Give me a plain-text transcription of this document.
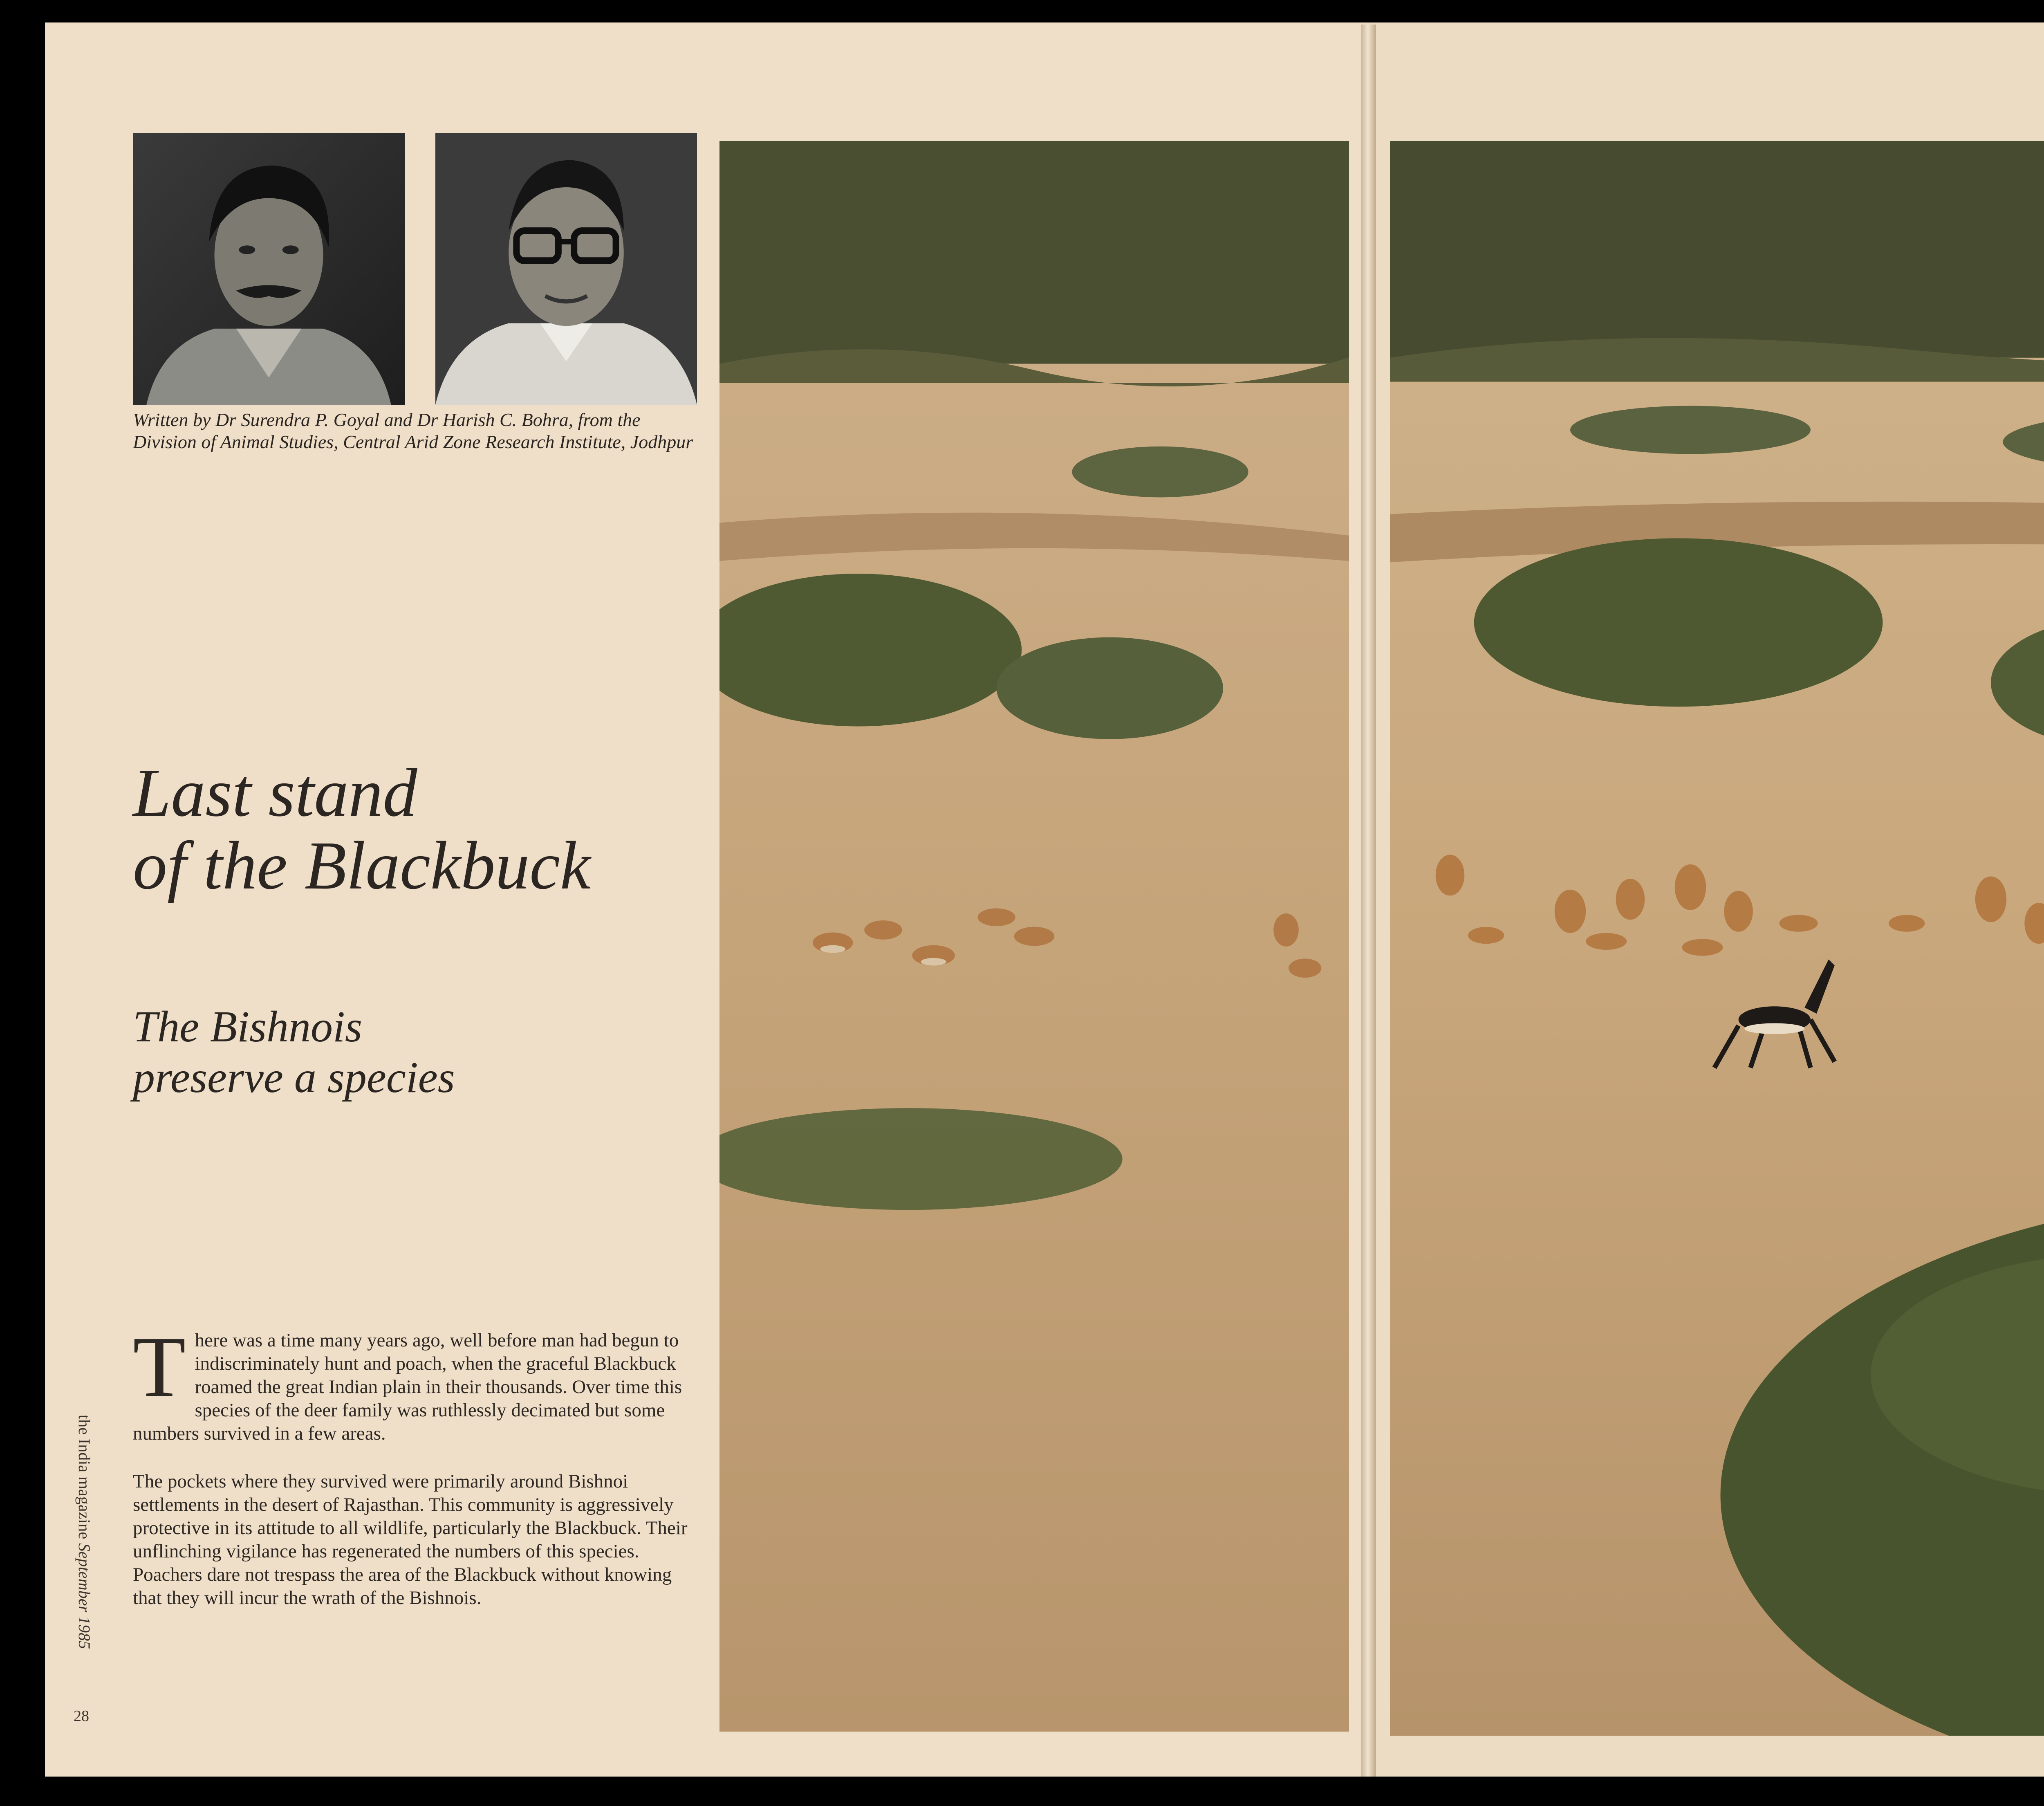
Written by Dr Surendra P. Goyal and Dr Harish C. Bohra, from the Division of Animal Studies, Central Arid Zone Research Institute, Jodhpur
Last stand
of the Blackbuck
The Bishnois
preserve a species

There was a time many years ago, well before man had begun to indiscriminately hunt and poach, when the graceful Blackbuck roamed the great Indian plain in their thousands. Over time this species of the deer family was ruthlessly decimated but some numbers survived in a few areas.

The pockets where they survived were primarily around Bishnoi settlements in the desert of Rajasthan. This community is aggressively protective in its attitude to all wildlife, particularly the Blackbuck. Their unflinching vigilance has regenerated the numbers of this species. Poachers dare not trespass the area of the Blackbuck without knowing that they will incur the wrath of the Bishnois.

28
the India magazine September 1985
